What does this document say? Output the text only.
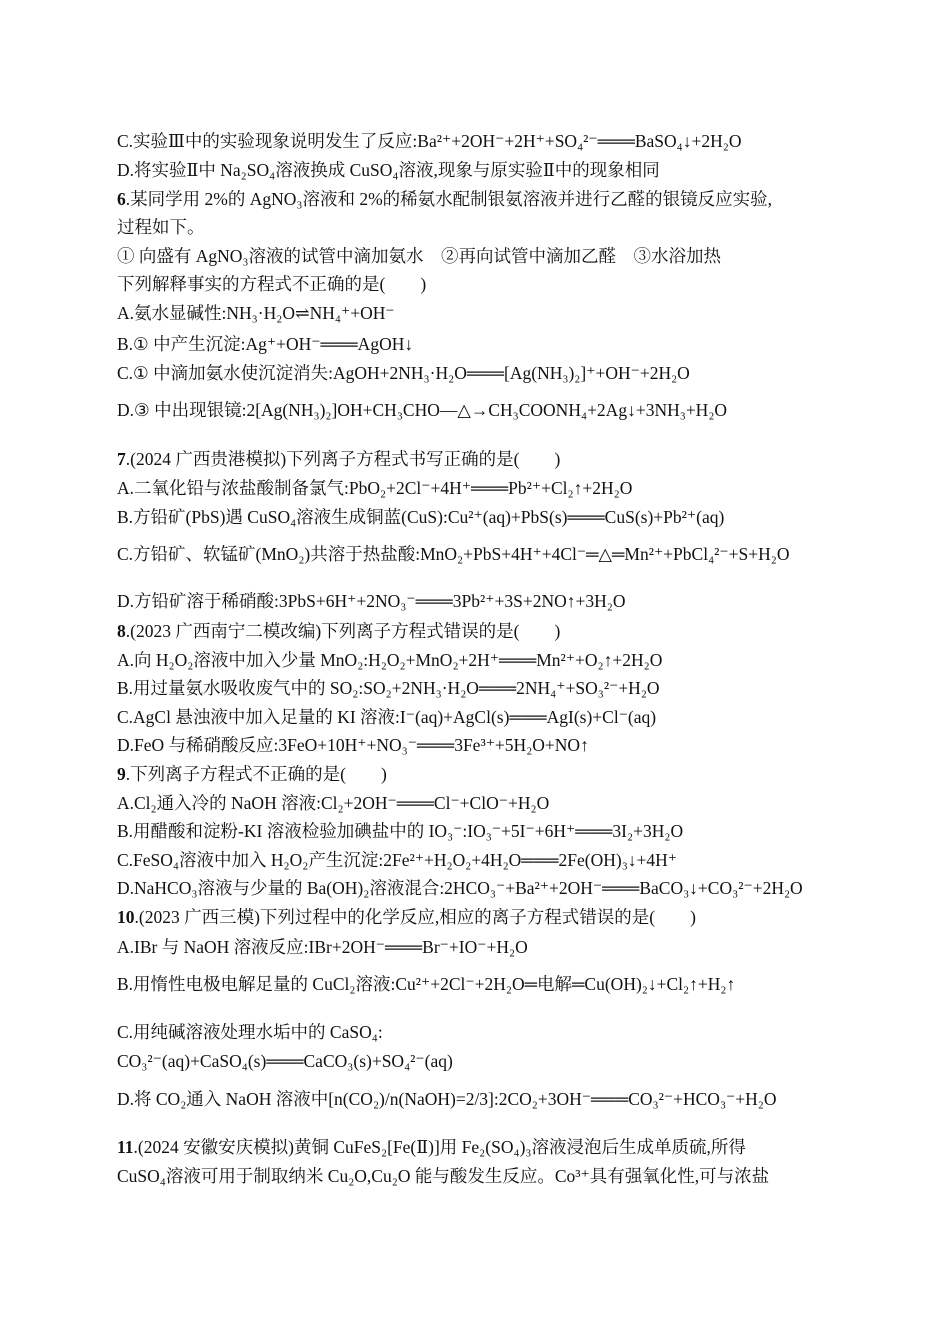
C.实验Ⅲ中的实验现象说明发生了反应:Ba²⁺+2OH⁻+2H⁺+SO₄²⁻═══BaSO₄↓+2H₂O
D.将实验Ⅱ中 Na₂SO₄溶液换成 CuSO₄溶液,现象与原实验Ⅱ中的现象相同
6.某同学用 2%的 AgNO₃溶液和 2%的稀氨水配制银氨溶液并进行乙醛的银镜反应实验,
过程如下。
① 向盛有 AgNO₃溶液的试管中滴加氨水　②再向试管中滴加乙醛　③水浴加热
下列解释事实的方程式不正确的是(　　)
A.氨水显碱性:NH₃·H₂O⇌NH₄⁺+OH⁻
B.① 中产生沉淀:Ag⁺+OH⁻═══AgOH↓
C.① 中滴加氨水使沉淀消失:AgOH+2NH₃·H₂O═══[Ag(NH₃)₂]⁺+OH⁻+2H₂O
D.③ 中出现银镜:2[Ag(NH₃)₂]OH+CH₃CHO―△→CH₃COONH₄+2Ag↓+3NH₃+H₂O
7.(2024 广西贵港模拟)下列离子方程式书写正确的是(　　)
A.二氧化铅与浓盐酸制备氯气:PbO₂+2Cl⁻+4H⁺═══Pb²⁺+Cl₂↑+2H₂O
B.方铅矿(PbS)遇 CuSO₄溶液生成铜蓝(CuS):Cu²⁺(aq)+PbS(s)═══CuS(s)+Pb²⁺(aq)
C.方铅矿、软锰矿(MnO₂)共溶于热盐酸:MnO₂+PbS+4H⁺+4Cl⁻═△═Mn²⁺+PbCl₄²⁻+S+H₂O
D.方铅矿溶于稀硝酸:3PbS+6H⁺+2NO₃⁻═══3Pb²⁺+3S+2NO↑+3H₂O
8.(2023 广西南宁二模改编)下列离子方程式错误的是(　　)
A.向 H₂O₂溶液中加入少量 MnO₂:H₂O₂+MnO₂+2H⁺═══Mn²⁺+O₂↑+2H₂O
B.用过量氨水吸收废气中的 SO₂:SO₂+2NH₃·H₂O═══2NH₄⁺+SO₃²⁻+H₂O
C.AgCl 悬浊液中加入足量的 KI 溶液:I⁻(aq)+AgCl(s)═══AgI(s)+Cl⁻(aq)
D.FeO 与稀硝酸反应:3FeO+10H⁺+NO₃⁻═══3Fe³⁺+5H₂O+NO↑
9.下列离子方程式不正确的是(　　)
A.Cl₂通入冷的 NaOH 溶液:Cl₂+2OH⁻═══Cl⁻+ClO⁻+H₂O
B.用醋酸和淀粉-KI 溶液检验加碘盐中的 IO₃⁻:IO₃⁻+5I⁻+6H⁺═══3I₂+3H₂O
C.FeSO₄溶液中加入 H₂O₂产生沉淀:2Fe²⁺+H₂O₂+4H₂O═══2Fe(OH)₃↓+4H⁺
D.NaHCO₃溶液与少量的 Ba(OH)₂溶液混合:2HCO₃⁻+Ba²⁺+2OH⁻═══BaCO₃↓+CO₃²⁻+2H₂O
10.(2023 广西三模)下列过程中的化学反应,相应的离子方程式错误的是(　　)
A.IBr 与 NaOH 溶液反应:IBr+2OH⁻═══Br⁻+IO⁻+H₂O
B.用惰性电极电解足量的 CuCl₂溶液:Cu²⁺+2Cl⁻+2H₂O═电解═Cu(OH)₂↓+Cl₂↑+H₂↑
C.用纯碱溶液处理水垢中的 CaSO₄:
CO₃²⁻(aq)+CaSO₄(s)═══CaCO₃(s)+SO₄²⁻(aq)
D.将 CO₂通入 NaOH 溶液中[n(CO₂)/n(NaOH)=2/3]:2CO₂+3OH⁻═══CO₃²⁻+HCO₃⁻+H₂O
11.(2024 安徽安庆模拟)黄铜 CuFeS₂[Fe(Ⅱ)]用 Fe₂(SO₄)₃溶液浸泡后生成单质硫,所得
CuSO₄溶液可用于制取纳米 Cu₂O,Cu₂O 能与酸发生反应。Co³⁺具有强氧化性,可与浓盐
